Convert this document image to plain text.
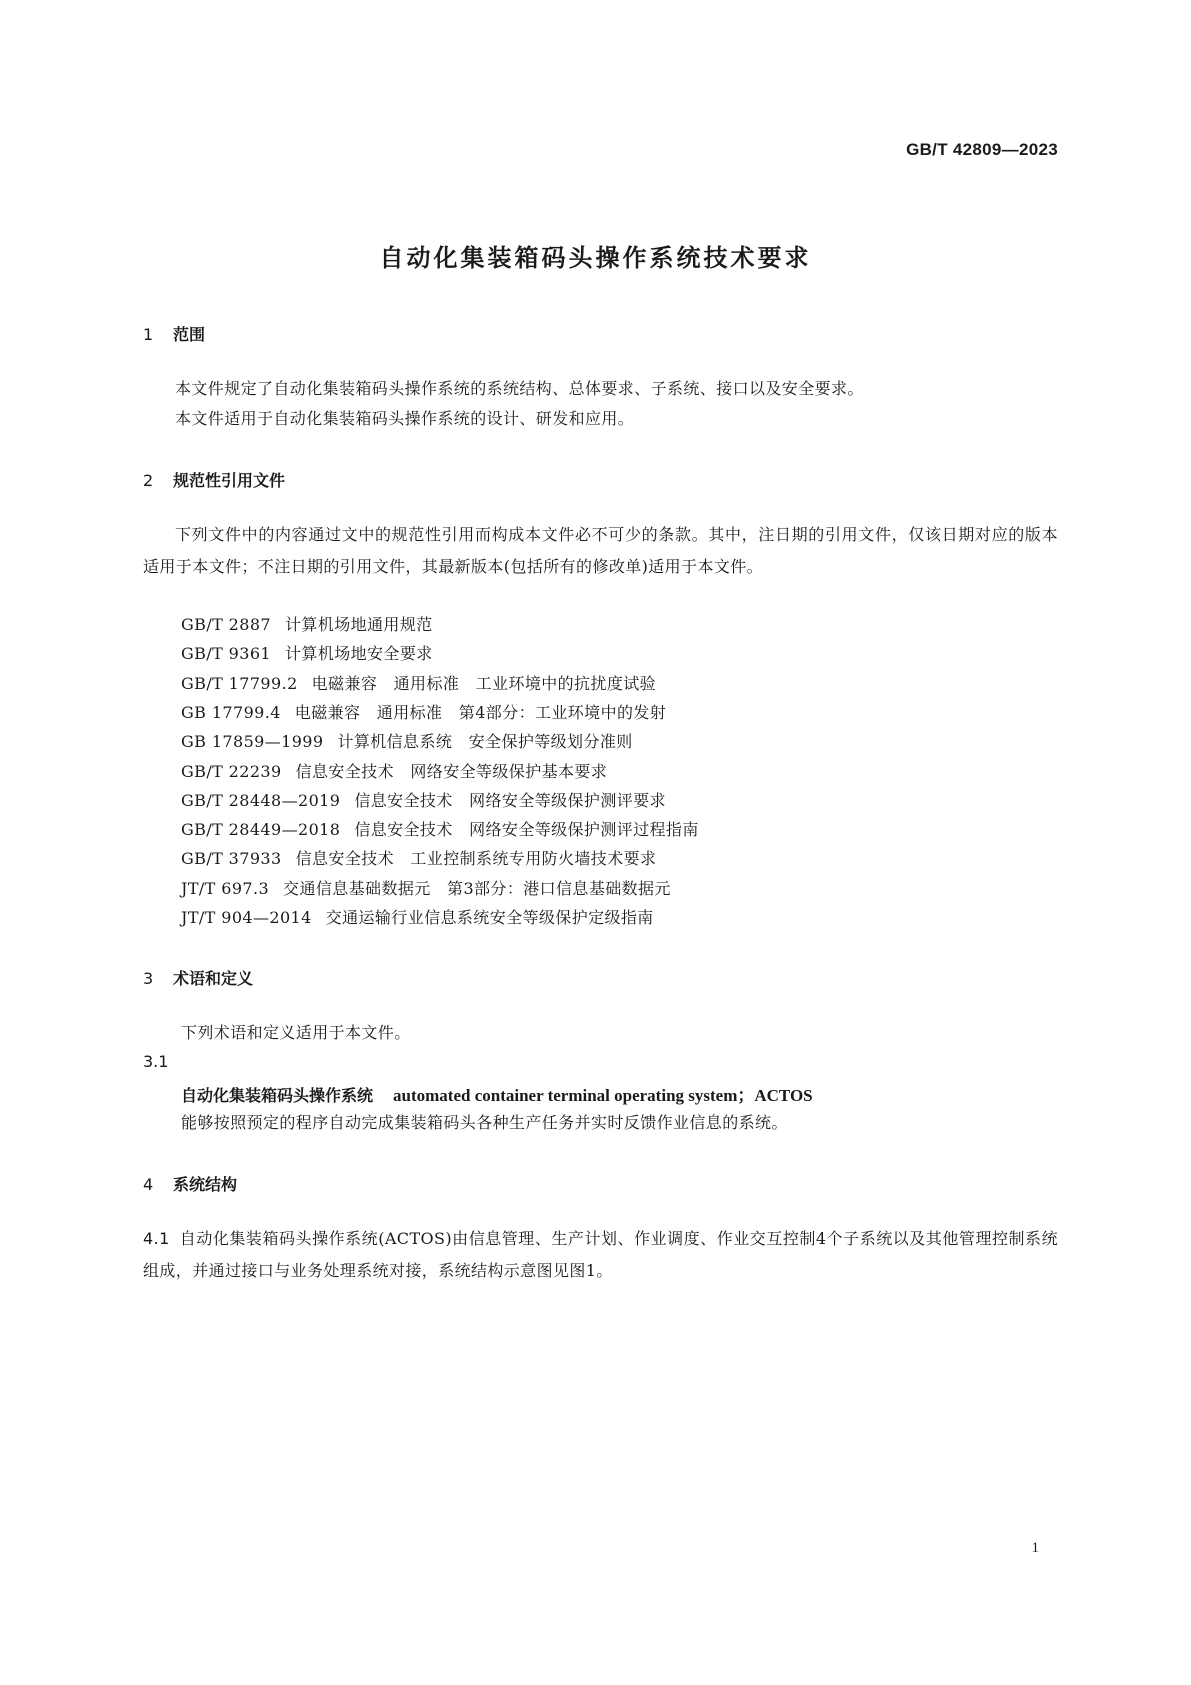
GB/T 42809—2023
自动化集装箱码头操作系统技术要求
1 范围

本文件规定了自动化集装箱码头操作系统的系统结构、总体要求、子系统、接口以及安全要求。

本文件适用于自动化集装箱码头操作系统的设计、研发和应用。

2 规范性引用文件

下列文件中的内容通过文中的规范性引用而构成本文件必不可少的条款。其中，注日期的引用文件，仅该日期对应的版本适用于本文件；不注日期的引用文件，其最新版本(包括所有的修改单)适用于本文件。

GB/T 2887 计算机场地通用规范
GB/T 9361 计算机场地安全要求
GB/T 17799.2 电磁兼容　通用标准　工业环境中的抗扰度试验
GB 17799.4 电磁兼容　通用标准　第4部分：工业环境中的发射
GB 17859—1999 计算机信息系统　安全保护等级划分准则
GB/T 22239 信息安全技术　网络安全等级保护基本要求
GB/T 28448—2019 信息安全技术　网络安全等级保护测评要求
GB/T 28449—2018 信息安全技术　网络安全等级保护测评过程指南
GB/T 37933 信息安全技术　工业控制系统专用防火墙技术要求
JT/T 697.3 交通信息基础数据元　第3部分：港口信息基础数据元
JT/T 904—2014 交通运输行业信息系统安全等级保护定级指南
3 术语和定义
下列术语和定义适用于本文件。
3.1
自动化集装箱码头操作系统 automated container terminal operating system；ACTOS
能够按照预定的程序自动完成集装箱码头各种生产任务并实时反馈作业信息的系统。
4 系统结构

4.1 自动化集装箱码头操作系统(ACTOS)由信息管理、生产计划、作业调度、作业交互控制4个子系统以及其他管理控制系统组成，并通过接口与业务处理系统对接，系统结构示意图见图1。

1
